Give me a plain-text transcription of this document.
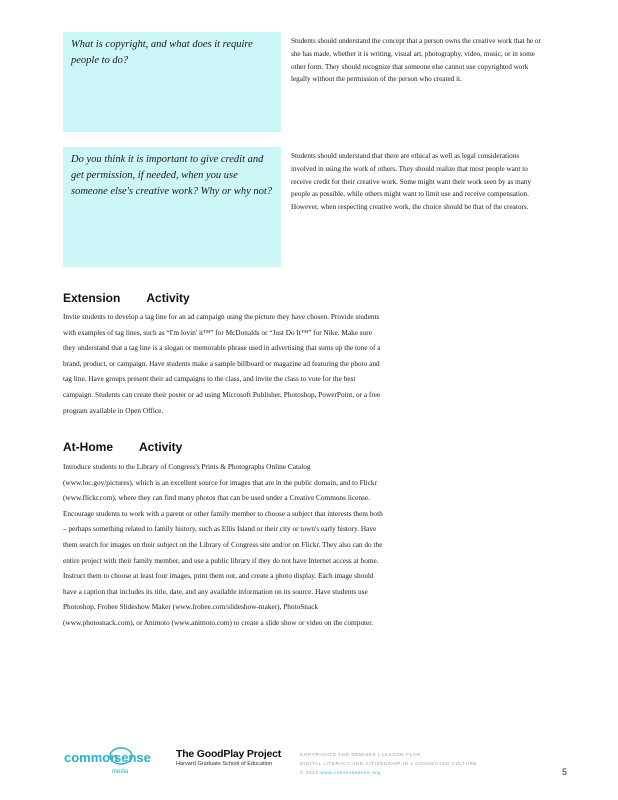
What is copyright, and what does it require people to do?
Students should understand the concept that a person owns the creative work that he or she has made, whether it is writing, visual art, photography, video, music, or in some other form. They should recognize that someone else cannot use copyrighted work legally without the permission of the person who created it.
Do you think it is important to give credit and get permission, if needed, when you use someone else's creative work? Why or why not?
Students should understand that there are ethical as well as legal considerations involved in using the work of others. They should realize that most people want to receive credit for their creative work. Some might want their work seen by as many people as possible, while others might want to limit use and receive compensation. However, when respecting creative work, the choice should be that of the creators.
Extension Activity
Invite students to develop a tag line for an ad campaign using the picture they have chosen. Provide students with examples of tag lines, such as “I'm lovin' it™” for McDonalds or “Just Do It™” for Nike. Make sure they understand that a tag line is a slogan or memorable phrase used in advertising that sums up the tone of a brand, product, or campaign. Have students make a sample billboard or magazine ad featuring the photo and tag line. Have groups present their ad campaigns to the class, and invite the class to vote for the best campaign. Students can create their poster or ad using Microsoft Publisher, Photoshop, PowerPoint, or a free program available in Open Office.
At-Home Activity
Introduce students to the Library of Congress's Prints & Photographs Online Catalog (www.loc.gov/pictures), which is an excellent source for images that are in the public domain, and to Flickr (www.flickr.com), where they can find many photos that can be used under a Creative Commons license. Encourage students to work with a parent or other family member to choose a subject that interests them both – perhaps something related to family history, such as Ellis Island or their city or town's early history. Have them search for images on their subject on the Library of Congress site and/or on Flickr. They also can do the entire project with their family member, and use a public library if they do not have Internet access at home. Instruct them to choose at least four images, print them out, and create a photo display. Each image should have a caption that includes its title, date, and any available information on its source. Have students use Photoshop, Frobee Slideshow Maker (www.frobee.com/slideshow-maker), PhotoSnack (www.photosnack.com), or Animoto (www.animoto.com) to create a slide show or video on the computer.
common
sense
media
The GoodPlay Project
Harvard Graduate School of Education
COPYRIGHTS AND REMIXES | LESSON PLAN
DIGITAL LITERACY AND CITIZENSHIP IN A CONNECTED CULTURE
© 2012 www.commonsense.org	5
